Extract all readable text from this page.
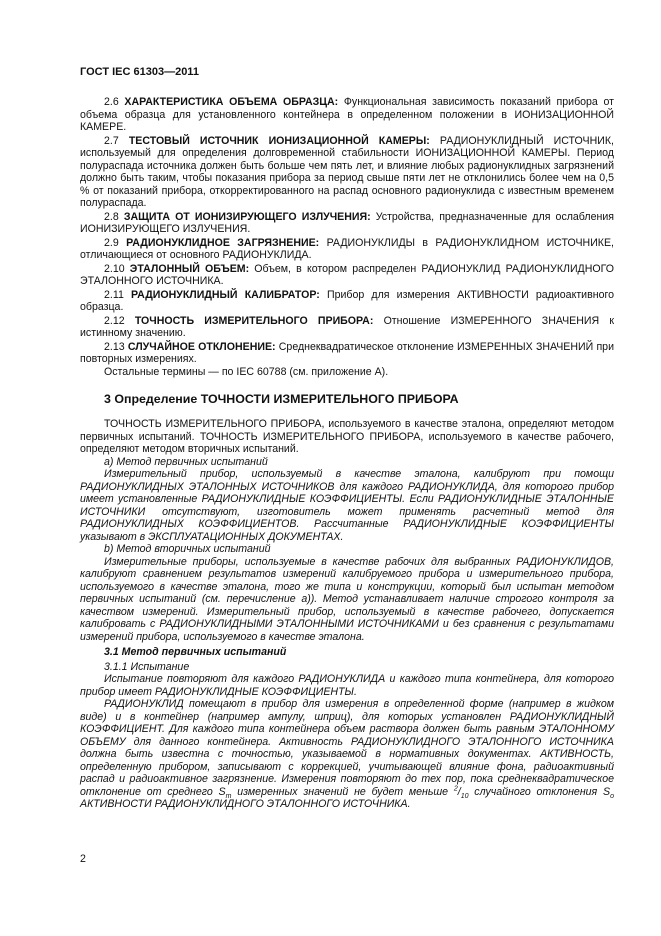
ГОСТ IEC 61303—2011

2.6 ХАРАКТЕРИСТИКА ОБЪЕМА ОБРАЗЦА: Функциональная зависимость показаний прибора от объема образца для установленного контейнера в определенном положении в ИОНИЗАЦИОННОЙ КАМЕРЕ.

2.7 ТЕСТОВЫЙ ИСТОЧНИК ИОНИЗАЦИОННОЙ КАМЕРЫ: РАДИОНУКЛИДНЫЙ ИСТОЧНИК, используемый для определения долговременной стабильности ИОНИЗАЦИОННОЙ КАМЕРЫ. Период полураспада источника должен быть больше чем пять лет, и влияние любых радионуклидных загрязнений должно быть таким, чтобы показания прибора за период свыше пяти лет не отклонились более чем на 0,5 % от показаний прибора, откорректированного на распад основного радионуклида с известным временем полураспада.

2.8 ЗАЩИТА ОТ ИОНИЗИРУЮЩЕГО ИЗЛУЧЕНИЯ: Устройства, предназначенные для ослабления ИОНИЗИРУЮЩЕГО ИЗЛУЧЕНИЯ.

2.9 РАДИОНУКЛИДНОЕ ЗАГРЯЗНЕНИЕ: РАДИОНУКЛИДЫ в РАДИОНУКЛИДНОМ ИСТОЧНИКЕ, отличающиеся от основного РАДИОНУКЛИДА.

2.10 ЭТАЛОННЫЙ ОБЪЕМ: Объем, в котором распределен РАДИОНУКЛИД РАДИОНУКЛИДНОГО ЭТАЛОННОГО ИСТОЧНИКА.

2.11 РАДИОНУКЛИДНЫЙ КАЛИБРАТОР: Прибор для измерения АКТИВНОСТИ радиоактивного образца.

2.12 ТОЧНОСТЬ ИЗМЕРИТЕЛЬНОГО ПРИБОРА: Отношение ИЗМЕРЕННОГО ЗНАЧЕНИЯ к истинному значению.

2.13 СЛУЧАЙНОЕ ОТКЛОНЕНИЕ: Среднеквадратическое отклонение ИЗМЕРЕННЫХ ЗНАЧЕНИЙ при повторных измерениях.

Остальные термины — по IEC 60788 (см. приложение А).

3 Определение ТОЧНОСТИ ИЗМЕРИТЕЛЬНОГО ПРИБОРА

ТОЧНОСТЬ ИЗМЕРИТЕЛЬНОГО ПРИБОРА, используемого в качестве эталона, определяют методом первичных испытаний. ТОЧНОСТЬ ИЗМЕРИТЕЛЬНОГО ПРИБОРА, используемого в качестве рабочего, определяют методом вторичных испытаний.

а) Метод первичных испытаний

Измерительный прибор, используемый в качестве эталона, калибруют при помощи РАДИОНУКЛИДНЫХ ЭТАЛОННЫХ ИСТОЧНИКОВ для каждого РАДИОНУКЛИДА, для которого прибор имеет установленные РАДИОНУКЛИДНЫЕ КОЭФФИЦИЕНТЫ. Если РАДИОНУКЛИДНЫЕ ЭТАЛОННЫЕ ИСТОЧНИКИ отсутствуют, изготовитель может применять расчетный метод для РАДИОНУКЛИДНЫХ КОЭФФИЦИЕНТОВ. Рассчитанные РАДИОНУКЛИДНЫЕ КОЭФФИЦИЕНТЫ указывают в ЭКСПЛУАТАЦИОННЫХ ДОКУМЕНТАХ.

b) Метод вторичных испытаний

Измерительные приборы, используемые в качестве рабочих для выбранных РАДИОНУКЛИДОВ, калибруют сравнением результатов измерений калибруемого прибора и измерительного прибора, используемого в качестве эталона, того же типа и конструкции, который был испытан методом первичных испытаний (см. перечисление а)). Метод устанавливает наличие строгого контроля за качеством измерений. Измерительный прибор, используемый в качестве рабочего, допускается калибровать с РАДИОНУКЛИДНЫМИ ЭТАЛОННЫМИ ИСТОЧНИКАМИ и без сравнения с результатами измерений прибора, используемого в качестве эталона.

3.1 Метод первичных испытаний

3.1.1 Испытание

Испытание повторяют для каждого РАДИОНУКЛИДА и каждого типа контейнера, для которого прибор имеет РАДИОНУКЛИДНЫЕ КОЭФФИЦИЕНТЫ.

РАДИОНУКЛИД помещают в прибор для измерения в определенной форме (например в жидком виде) и в контейнер (например ампулу, шприц), для которых установлен РАДИОНУКЛИДНЫЙ КОЭФФИЦИЕНТ. Для каждого типа контейнера объем раствора должен быть равным ЭТАЛОННОМУ ОБЪЕМУ для данного контейнера. Активность РАДИОНУКЛИДНОГО ЭТАЛОННОГО ИСТОЧНИКА должна быть известна с точностью, указываемой в нормативных документах. АКТИВНОСТЬ, определенную прибором, записывают с коррекцией, учитывающей влияние фона, радиоактивный распад и радиоактивное загрязнение. Измерения повторяют до тех пор, пока среднеквадратическое отклонение от среднего $S_m$ измеренных значений не будет меньше $^2/_{10}$ случайного отклонения $S_o$ АКТИВНОСТИ РАДИОНУКЛИДНОГО ЭТАЛОННОГО ИСТОЧНИКА.

2
